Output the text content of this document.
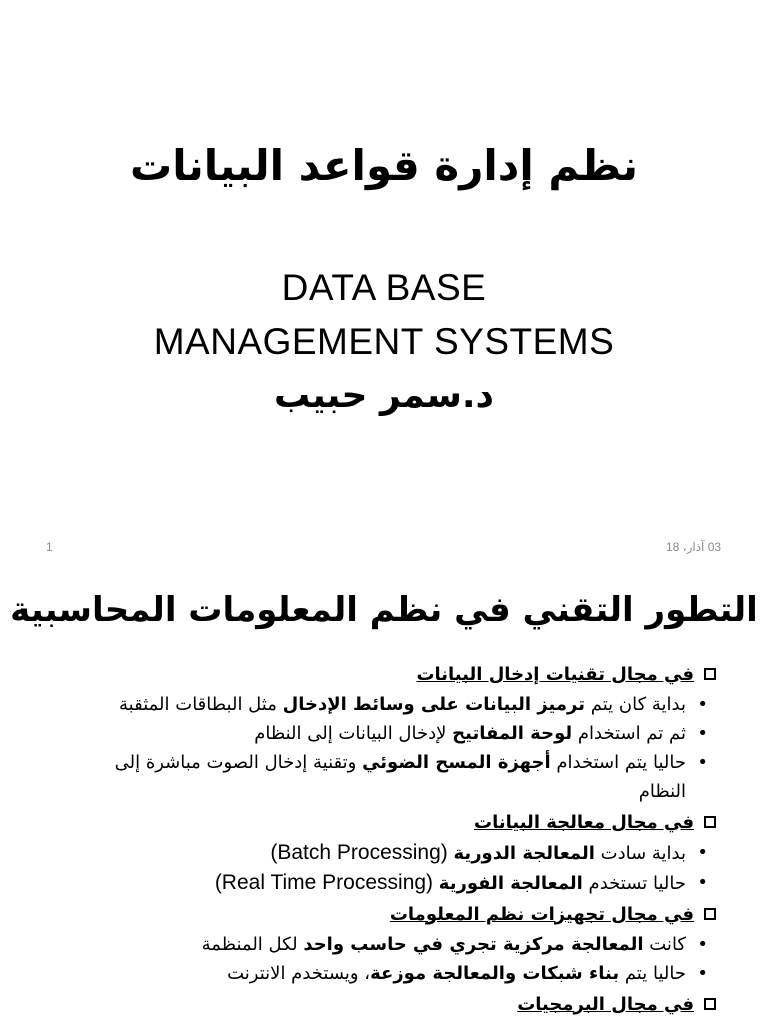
نظم إدارة قواعد البيانات
DATA BASE
MANAGEMENT SYSTEMS
د.سمر حبيب
03 آذار، 18
1
التطور التقني في نظم المعلومات المحاسبية
في مجال تقنيات إدخال البيانات
• بداية كان يتم ترميز البيانات على وسائط الإدخال مثل البطاقات المثقبة
• ثم تم استخدام لوحة المفاتيح لإدخال البيانات إلى النظام
• حاليا يتم استخدام أجهزة المسح الضوئي وتقنية إدخال الصوت مباشرة إلى النظام
في مجال معالجة البيانات
• بداية سادت المعالجة الدورية (Batch Processing)
• حاليا تستخدم المعالجة الفورية (Real Time Processing)
في مجال تجهيزات نظم المعلومات
• كانت المعالجة مركزية تجري في حاسب واحد لكل المنظمة
• حاليا يتم بناء شبكات والمعالجة موزعة، ويستخدم الانترنت
في مجال البرمجيات
